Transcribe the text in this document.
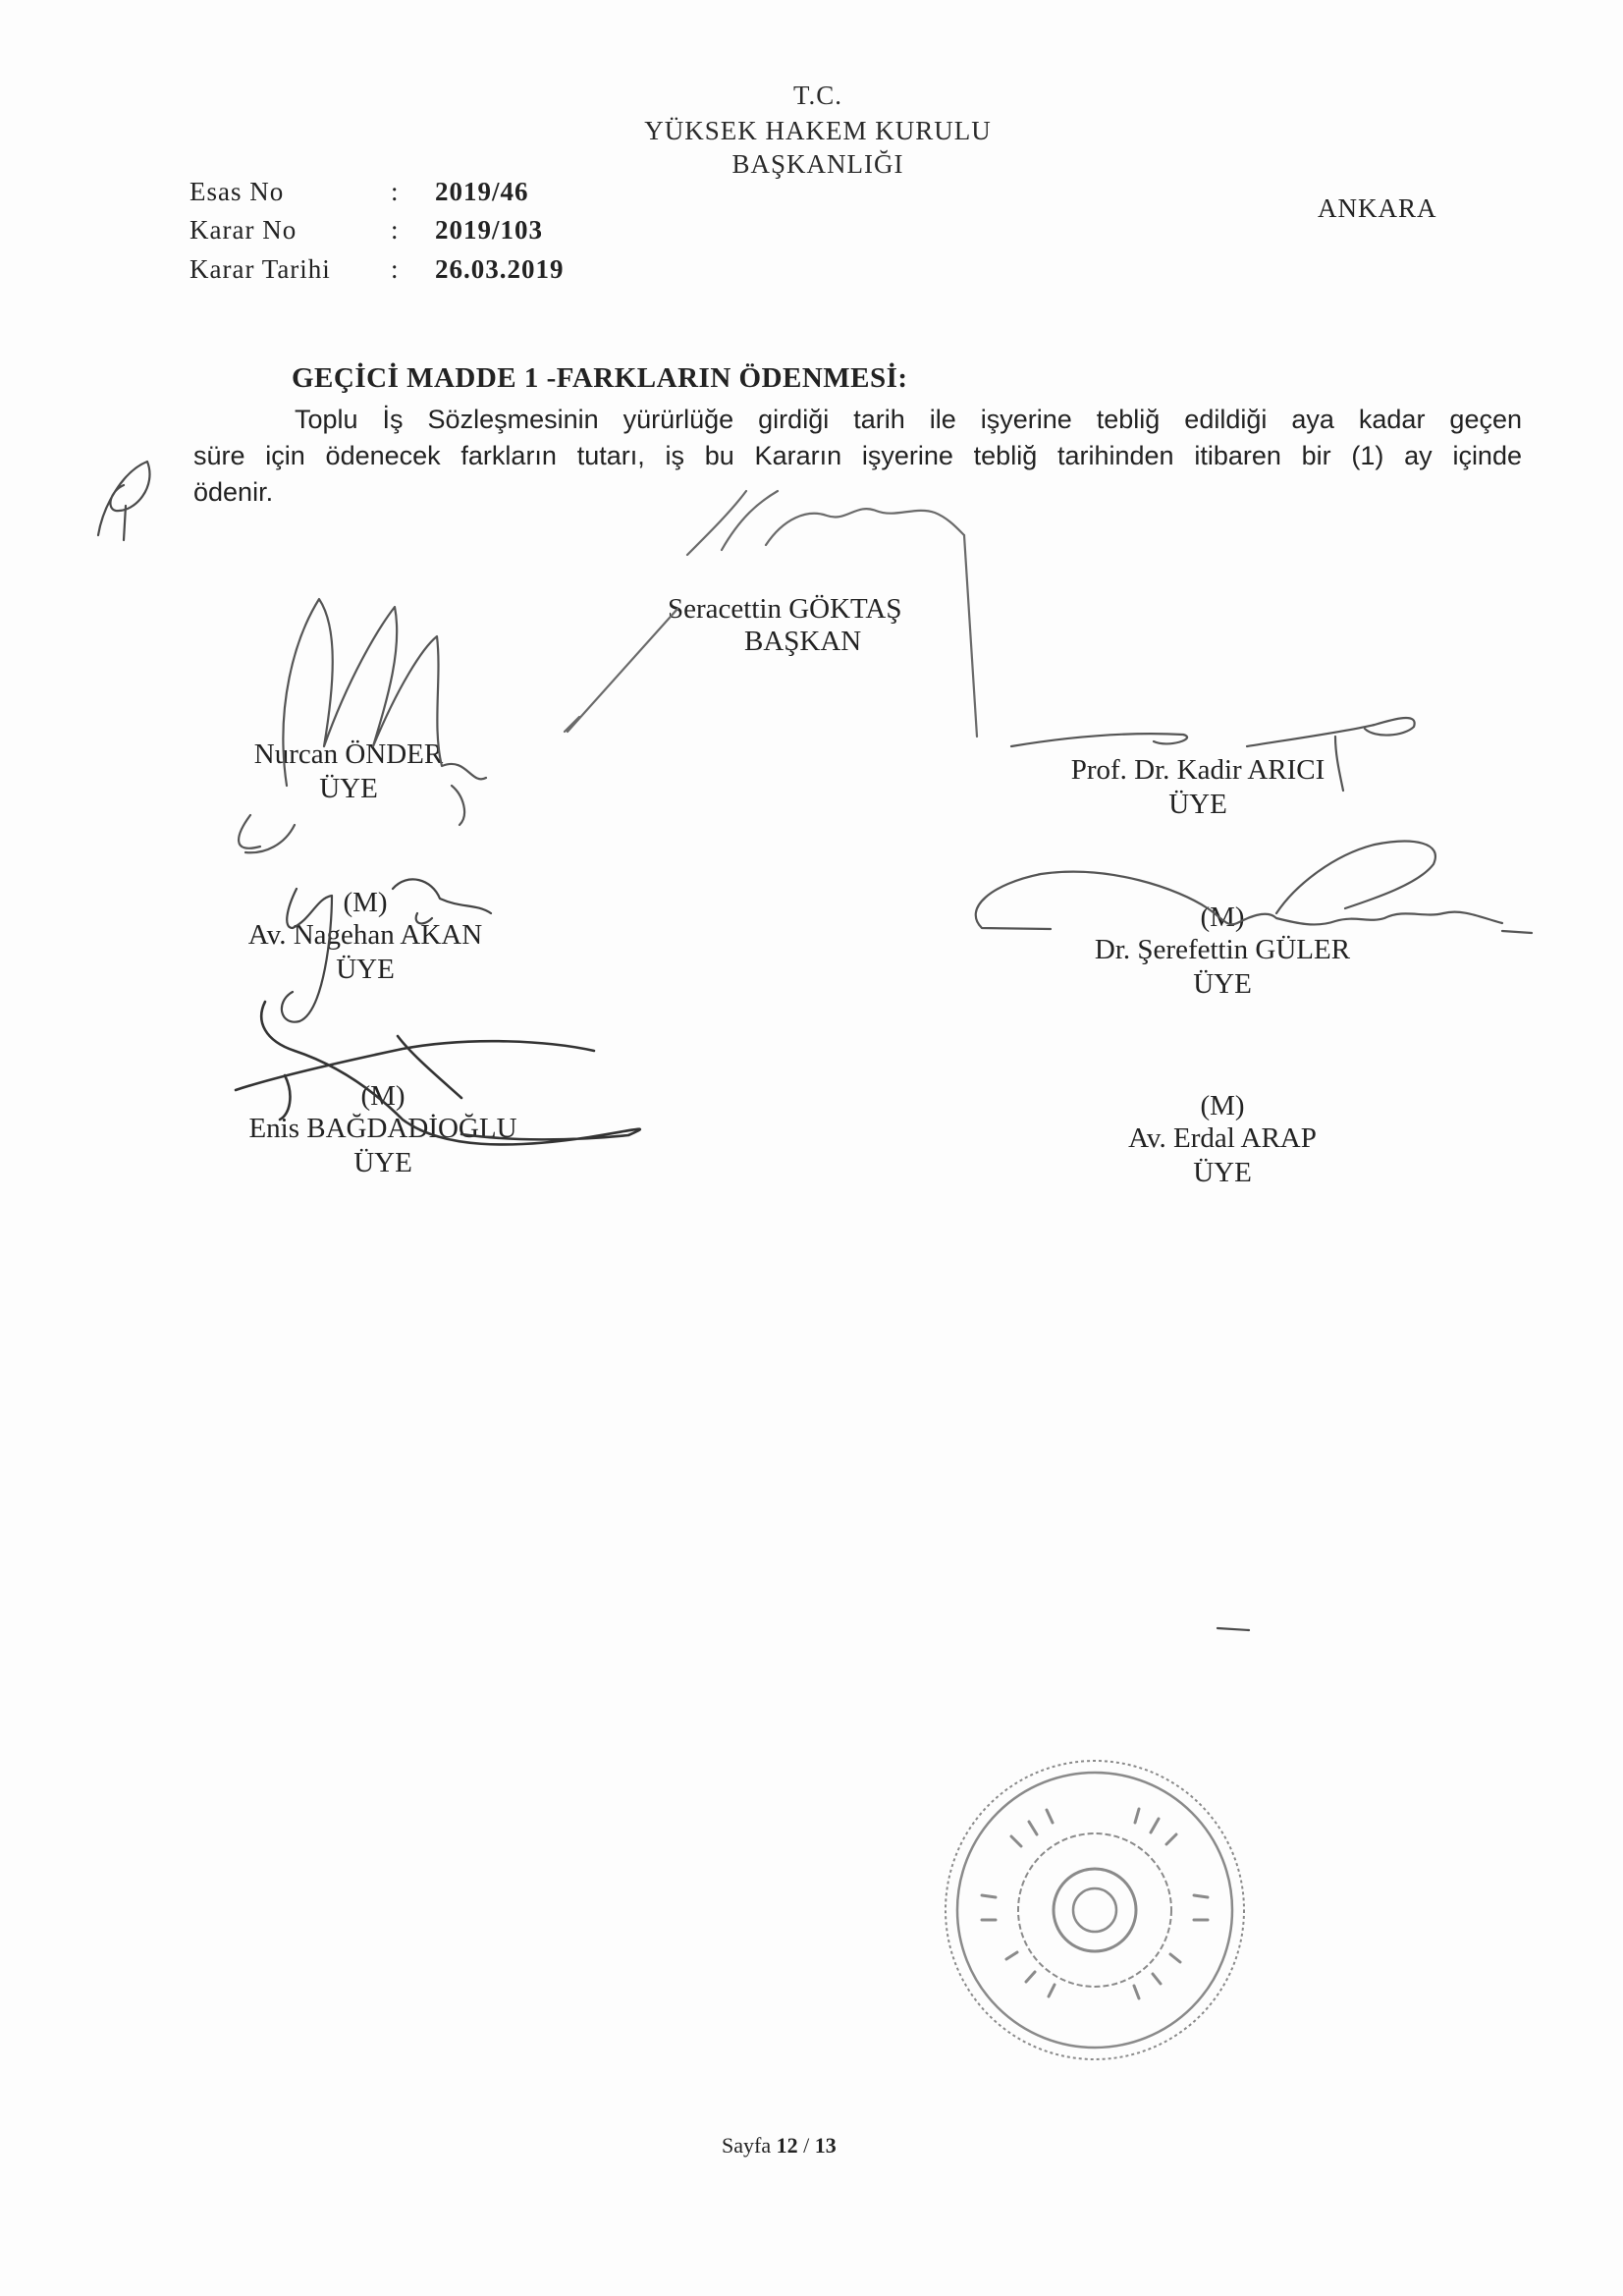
T.C.
YÜKSEK HAKEM KURULU
BAŞKANLIĞI
ANKARA
Esas No	: 2019/46
Karar No	: 2019/103
Karar Tarihi : 26.03.2019
GEÇİCİ MADDE 1 -FARKLARIN ÖDENMESİ:
Toplu İş Sözleşmesinin yürürlüğe girdiği tarih ile işyerine tebliğ edildiği aya kadar geçen
süre için ödenecek farkların tutarı, iş bu Kararın işyerine tebliğ tarihinden itibaren bir (1) ay içinde
ödenir.
Seracettin GÖKTAŞ
BAŞKAN
Nurcan ÖNDER
ÜYE
Prof. Dr. Kadir ARICI
ÜYE
(M)
Av. Nagehan AKAN
ÜYE
(M)
Dr. Şerefettin GÜLER
ÜYE
(M)
Enis BAĞDADİOĞLU
ÜYE
(M)
Av. Erdal ARAP
ÜYE
Sayfa 12 / 13
